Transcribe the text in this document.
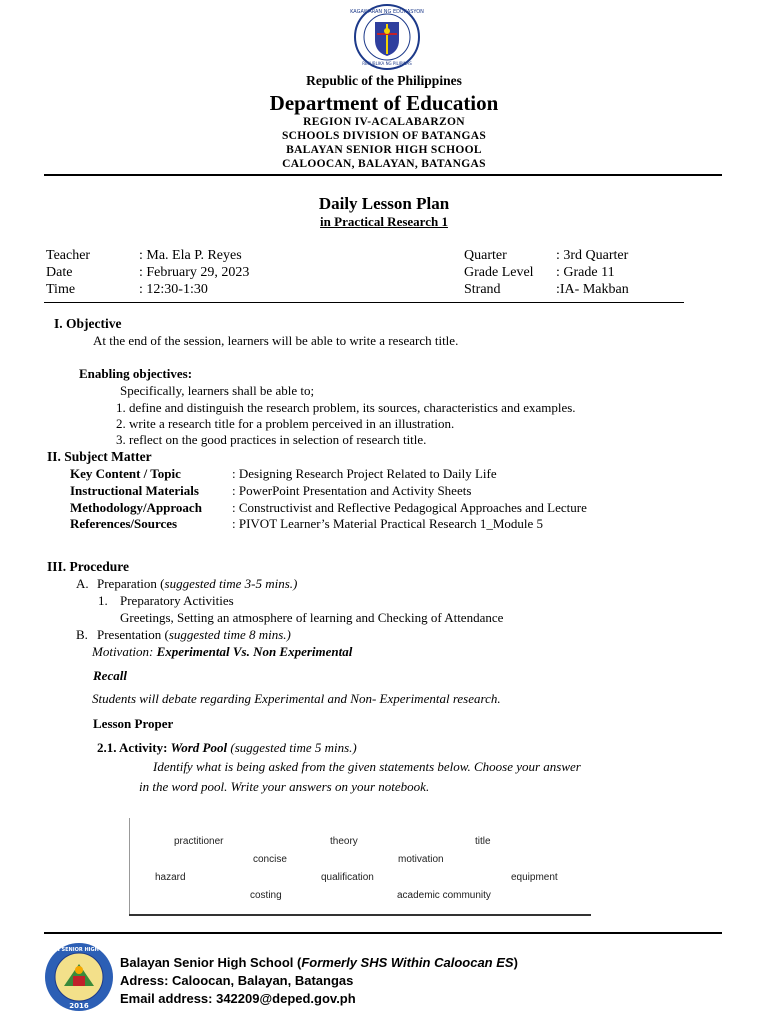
KAGAWARAN NG EDUKASYON
REPUBLIKA NG PILIPINAS
Republic of the Philippines
Department of Education
REGION IV-ACALABARZON
SCHOOLS DIVISION OF BATANGAS
BALAYAN SENIOR HIGH SCHOOL
CALOOCAN, BALAYAN, BATANGAS
Daily Lesson Plan
in Practical Research 1
Teacher	: Ma. Ela P. Reyes
Date	: February 29, 2023
Time	: 12:30-1:30
Quarter	: 3rd Quarter
Grade Level : Grade 11
Strand	:IA- Makban
I. Objective
At the end of the session, learners will be able to write a research title.
Enabling objectives:
Specifically, learners shall be able to;
1. define and distinguish the research problem, its sources, characteristics and examples.
2. write a research title for a problem perceived in an illustration.
3. reflect on the good practices in selection of research title.
II. Subject Matter
Key Content / Topic	: Designing Research Project Related to Daily Life
Instructional Materials	: PowerPoint Presentation and Activity Sheets
Methodology/Approach : Constructivist and Reflective Pedagogical Approaches and Lecture
References/Sources	: PIVOT Learner’s Material Practical Research 1_Module 5
III. Procedure
A. Preparation (suggested time 3-5 mins.)
1. Preparatory Activities
Greetings, Setting an atmosphere of learning and Checking of Attendance
B. Presentation (suggested time 8 mins.)
Motivation: Experimental Vs. Non Experimental
Recall
Students will debate regarding Experimental and Non- Experimental research.
Lesson Proper
2.1. Activity: Word Pool (suggested time 5 mins.)
Identify what is being asked from the given statements below. Choose your answer
in the word pool. Write your answers on your notebook.
practitioner	theory	title
concise	motivation
hazard	qualification	equipment
costing	academic community
BALAYAN SENIOR HIGH SCHOOL
2016
Balayan Senior High School (Formerly SHS Within Caloocan ES)
Adress: Caloocan, Balayan, Batangas
Email address: 342209@deped.gov.ph
